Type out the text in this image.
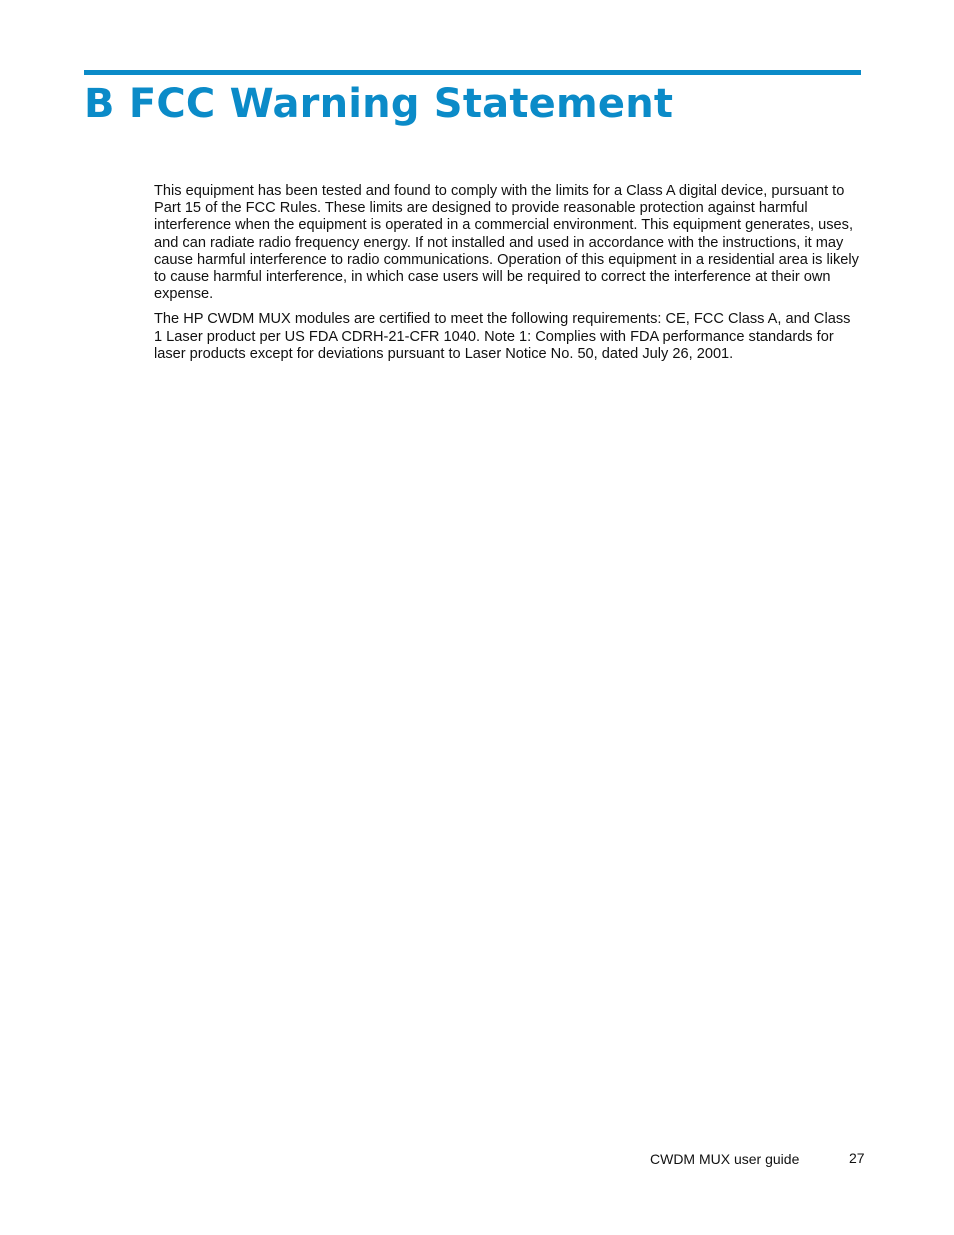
B FCC Warning Statement

This equipment has been tested and found to comply with the limits for a Class A digital device, pursuant to Part 15 of the FCC Rules. These limits are designed to provide reasonable protection against harmful interference when the equipment is operated in a commercial environment. This equipment generates, uses, and can radiate radio frequency energy. If not installed and used in accordance with the instructions, it may cause harmful interference to radio communications. Operation of this equipment in a residential area is likely to cause harmful interference, in which case users will be required to correct the interference at their own expense.

The HP CWDM MUX modules are certified to meet the following requirements: CE, FCC Class A, and Class 1 Laser product per US FDA CDRH-21-CFR 1040. Note 1: Complies with FDA performance standards for laser products except for deviations pursuant to Laser Notice No. 50, dated July 26, 2001.

CWDM MUX user guide	27
